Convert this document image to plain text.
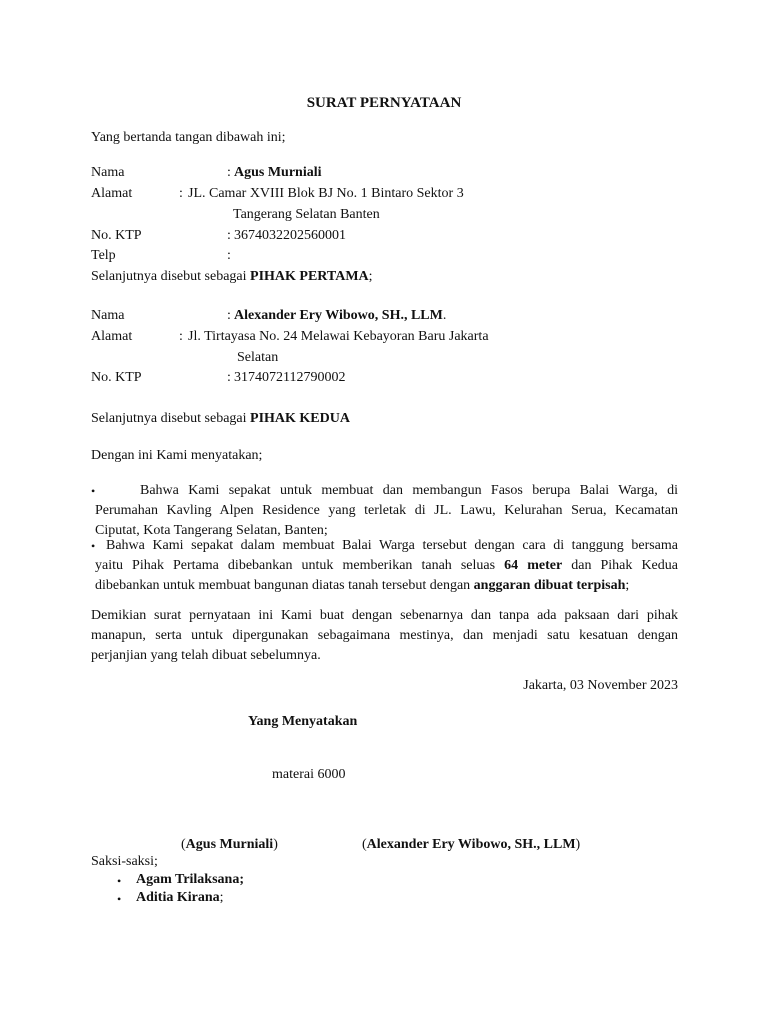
SURAT PERNYATAAN
Yang bertanda tangan dibawah ini;
Nama	: Agus Murniali
Alamat	: JL. Camar XVIII Blok BJ No. 1 Bintaro Sektor 3
Tangerang Selatan Banten
No. KTP	: 3674032202560001
Telp	:
Selanjutnya disebut sebagai PIHAK PERTAMA;
Nama	: Alexander Ery Wibowo, SH., LLM.
Alamat	: Jl. Tirtayasa No. 24 Melawai Kebayoran Baru Jakarta
Selatan
No. KTP	: 3174072112790002
Selanjutnya disebut sebagai PIHAK KEDUA
Dengan ini Kami menyatakan;
•	Bahwa Kami sepakat untuk membuat dan membangun Fasos berupa Balai Warga, di
Perumahan Kavling Alpen Residence yang terletak di JL. Lawu, Kelurahan Serua, Kecamatan
Ciputat, Kota Tangerang Selatan, Banten;
• Bahwa Kami sepakat dalam membuat Balai Warga tersebut dengan cara di tanggung bersama
yaitu Pihak Pertama dibebankan untuk memberikan tanah seluas 64 meter dan Pihak Kedua
dibebankan untuk membuat bangunan diatas tanah tersebut dengan anggaran dibuat terpisah;
Demikian surat pernyataan ini Kami buat dengan sebenarnya dan tanpa ada paksaan dari pihak
manapun, serta untuk dipergunakan sebagaimana mestinya, dan menjadi satu kesatuan dengan
perjanjian yang telah dibuat sebelumnya.
Jakarta, 03 November 2023
Yang Menyatakan
materai 6000
(Agus Murniali)	(Alexander Ery Wibowo, SH., LLM)
Saksi-saksi;
• Agam Trilaksana;
• Aditia Kirana;
